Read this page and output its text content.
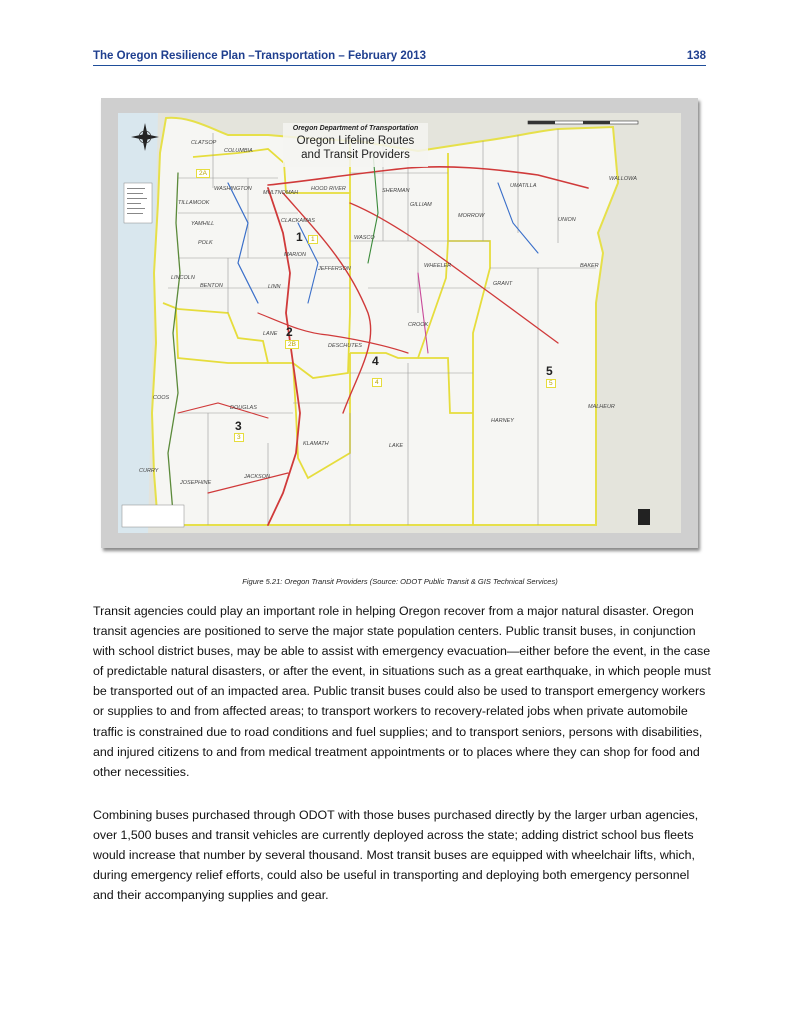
The Oregon Resilience Plan –Transportation – February 2013	138
Oregon Department of Transportation
Oregon Lifeline Routes
and Transit Providers
CLATSOP
COLUMBIA
TILLAMOOK
WASHINGTON
MULTNOMAH
YAMHILL	CLACKAMAS
POLK
MARION
LINCOLN
BENTON	LINN
LANE
HOOD RIVER
WASCO
SHERMAN
GILLIAM
MORROW
UMATILLA
UNION
WALLOWA
JEFFERSON	WHEELER
GRANT
BAKER
CROOK
DESCHUTES
COOS
DOUGLAS
CURRY
JOSEPHINE
JACKSON
KLAMATH	LAKE
HARNEY
MALHEUR
1
2
3
4
5
2A
1
2B
3
4	5
Figure 5.21: Oregon Transit Providers (Source: ODOT Public Transit & GIS Technical Services)

Transit agencies could play an important role in helping Oregon recover from a major natural disaster. Oregon transit agencies are positioned to serve the major state population centers. Public transit buses, in conjunction with school district buses, may be able to assist with emergency evacuation—either before the event, in the case of predictable natural disasters, or after the event, in situations such as a great earthquake, in which people must be transported out of an impacted area. Public transit buses could also be used to transport emergency workers or supplies to and from affected areas; to transport workers to recovery-related jobs when private automobile traffic is constrained due to road conditions and fuel supplies; and to transport seniors, persons with disabilities, and injured citizens to and from medical treatment appointments or to places where they can shop for food and other necessities.

Combining buses purchased through ODOT with those buses purchased directly by the larger urban agencies, over 1,500 buses and transit vehicles are currently deployed across the state; adding district school bus fleets would increase that number by several thousand. Most transit buses are equipped with wheelchair lifts, which, during emergency relief efforts, could also be useful in transporting and deploying both emergency personnel and their accompanying supplies and gear.
